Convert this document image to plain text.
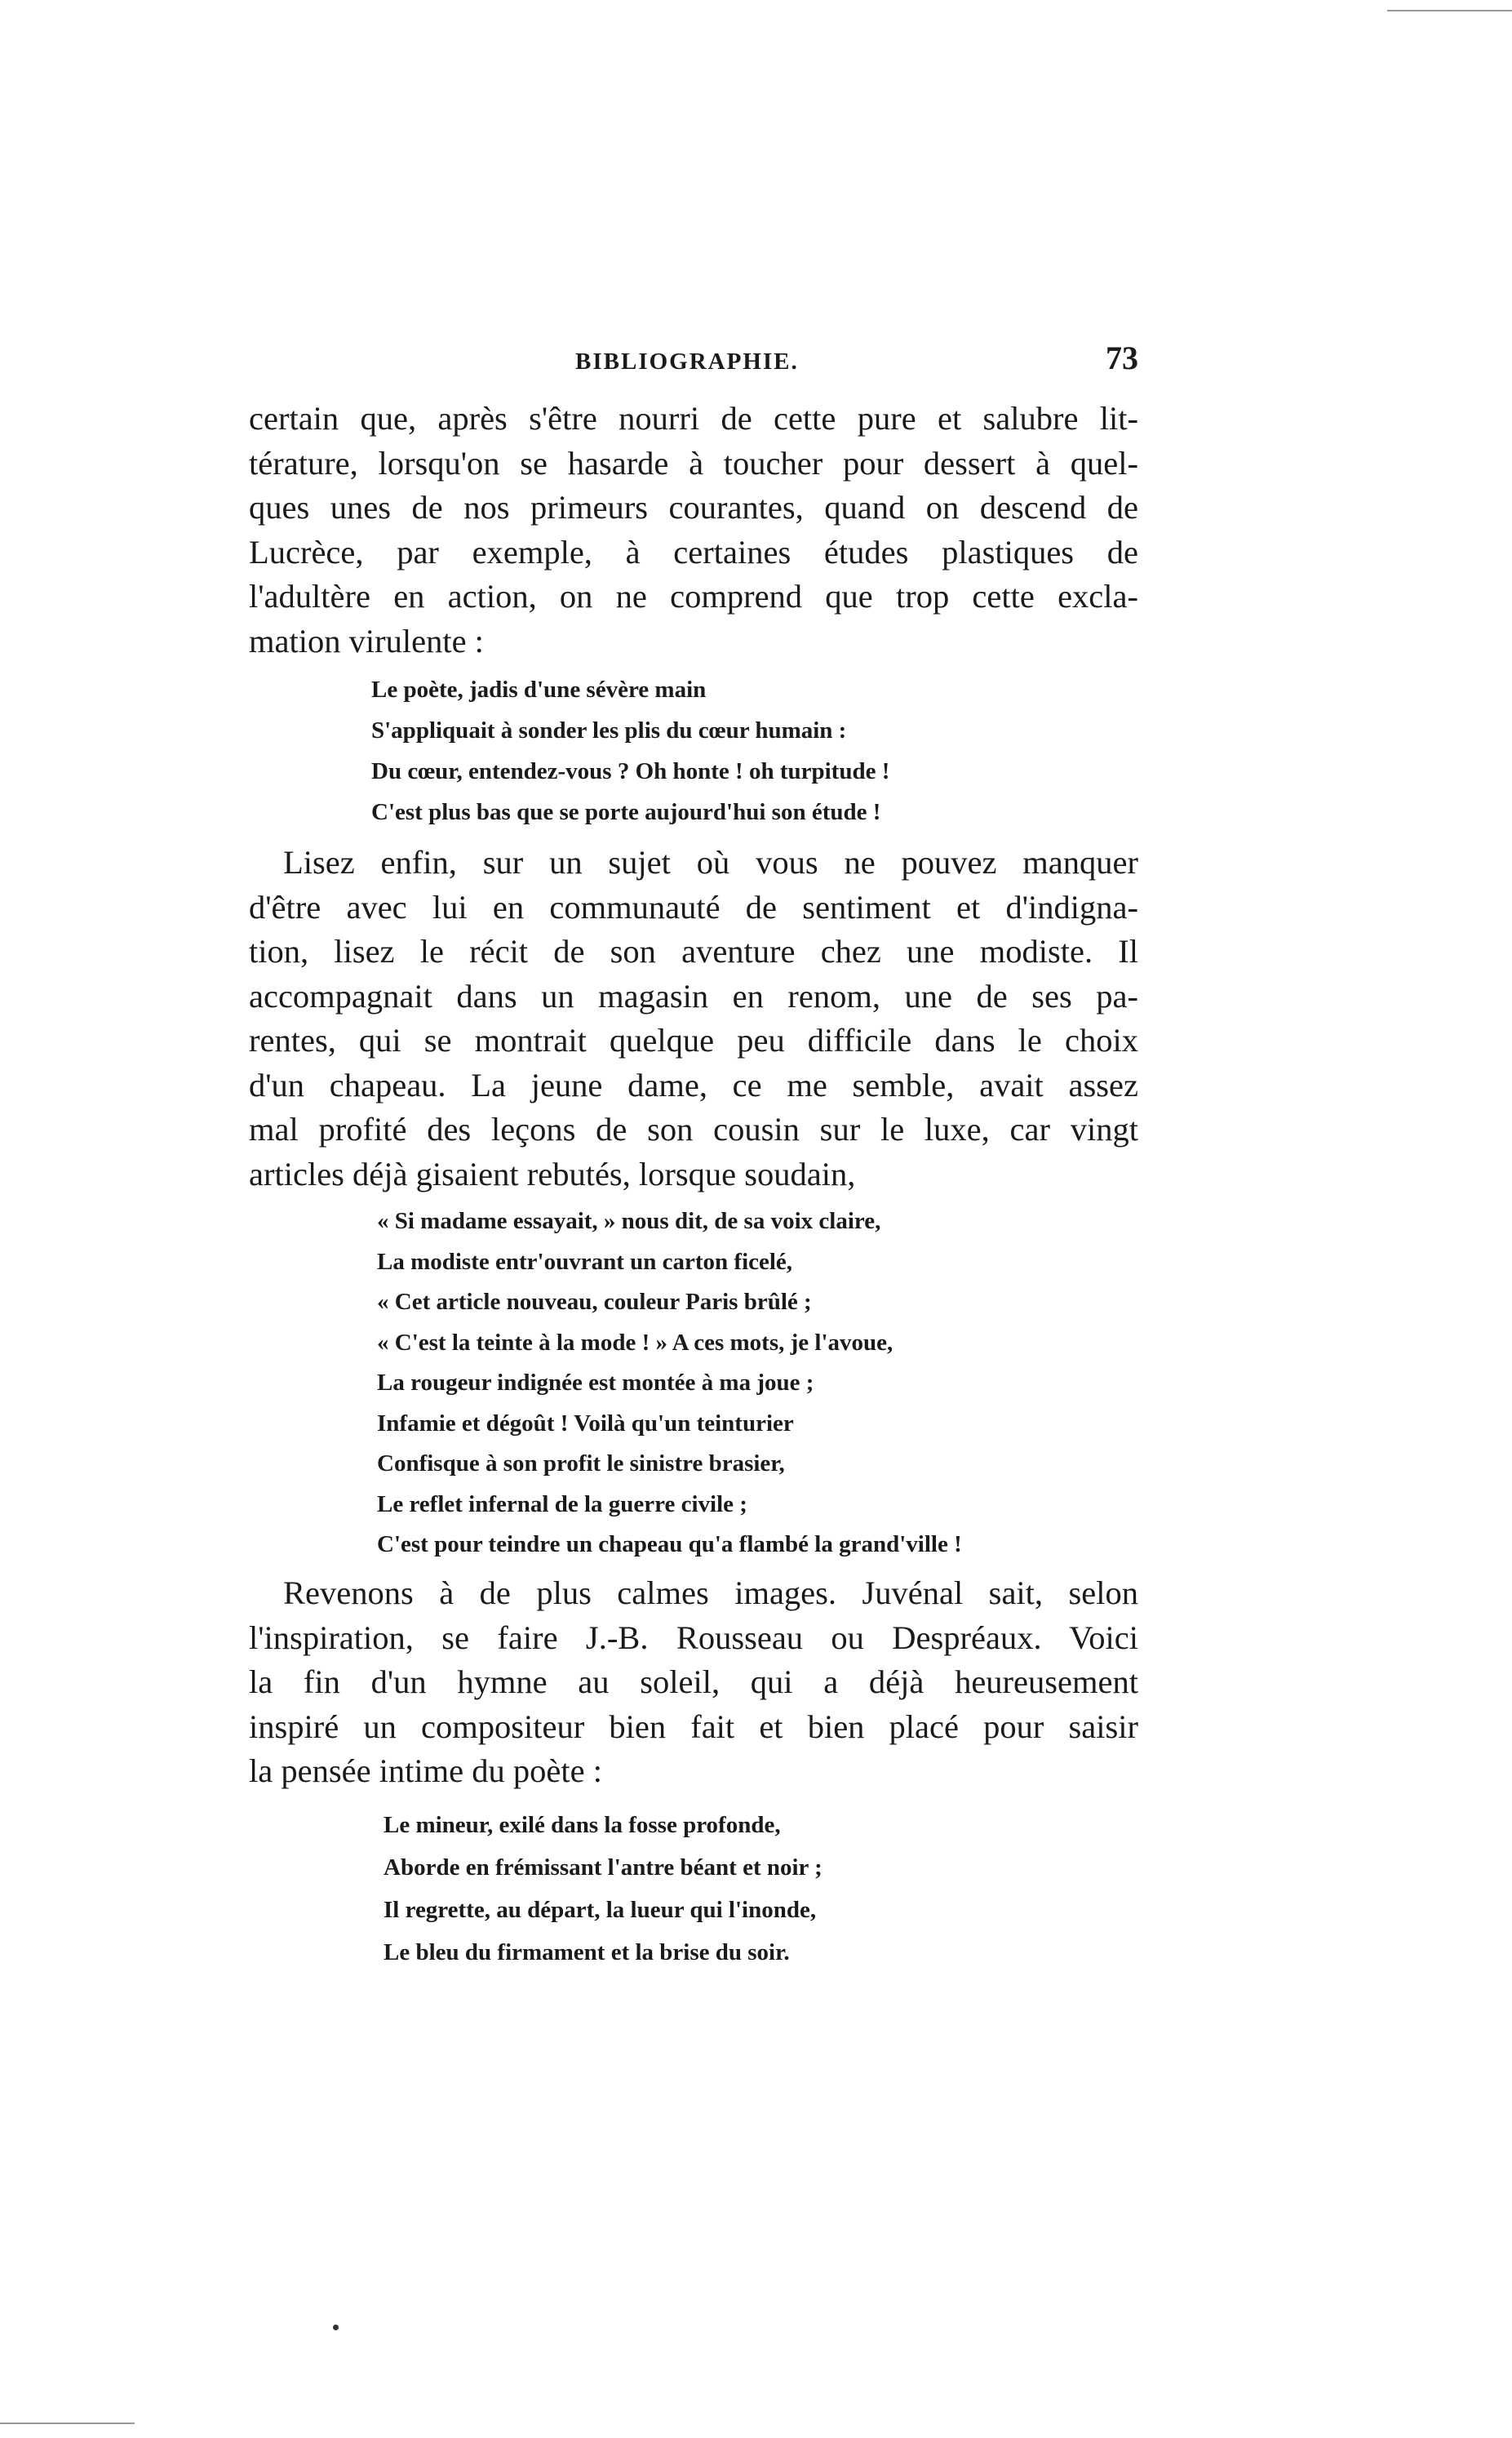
BIBLIOGRAPHIE.	73

certain que, après s'être nourri de cette pure et salubre lit-
térature, lorsqu'on se hasarde à toucher pour dessert à quel-
ques unes de nos primeurs courantes, quand on descend de
Lucrèce, par exemple, à certaines études plastiques de
l'adultère en action, on ne comprend que trop cette excla-
mation virulente :

Le poète, jadis d'une sévère main
S'appliquait à sonder les plis du cœur humain :
Du cœur, entendez-vous ? Oh honte ! oh turpitude !
C'est plus bas que se porte aujourd'hui son étude !

Lisez enfin, sur un sujet où vous ne pouvez manquer
d'être avec lui en communauté de sentiment et d'indigna-
tion, lisez le récit de son aventure chez une modiste. Il
accompagnait dans un magasin en renom, une de ses pa-
rentes, qui se montrait quelque peu difficile dans le choix
d'un chapeau. La jeune dame, ce me semble, avait assez
mal profité des leçons de son cousin sur le luxe, car vingt
articles déjà gisaient rebutés, lorsque soudain,

« Si madame essayait, » nous dit, de sa voix claire,
La modiste entr'ouvrant un carton ficelé,
« Cet article nouveau, couleur Paris brûlé ;
« C'est la teinte à la mode ! » A ces mots, je l'avoue,
La rougeur indignée est montée à ma joue ;
Infamie et dégoût ! Voilà qu'un teinturier
Confisque à son profit le sinistre brasier,
Le reflet infernal de la guerre civile ;
C'est pour teindre un chapeau qu'a flambé la grand'ville !

Revenons à de plus calmes images. Juvénal sait, selon
l'inspiration, se faire J.-B. Rousseau ou Despréaux. Voici
la fin d'un hymne au soleil, qui a déjà heureusement
inspiré un compositeur bien fait et bien placé pour saisir
la pensée intime du poète :

Le mineur, exilé dans la fosse profonde,
Aborde en frémissant l'antre béant et noir ;
Il regrette, au départ, la lueur qui l'inonde,
Le bleu du firmament et la brise du soir.
